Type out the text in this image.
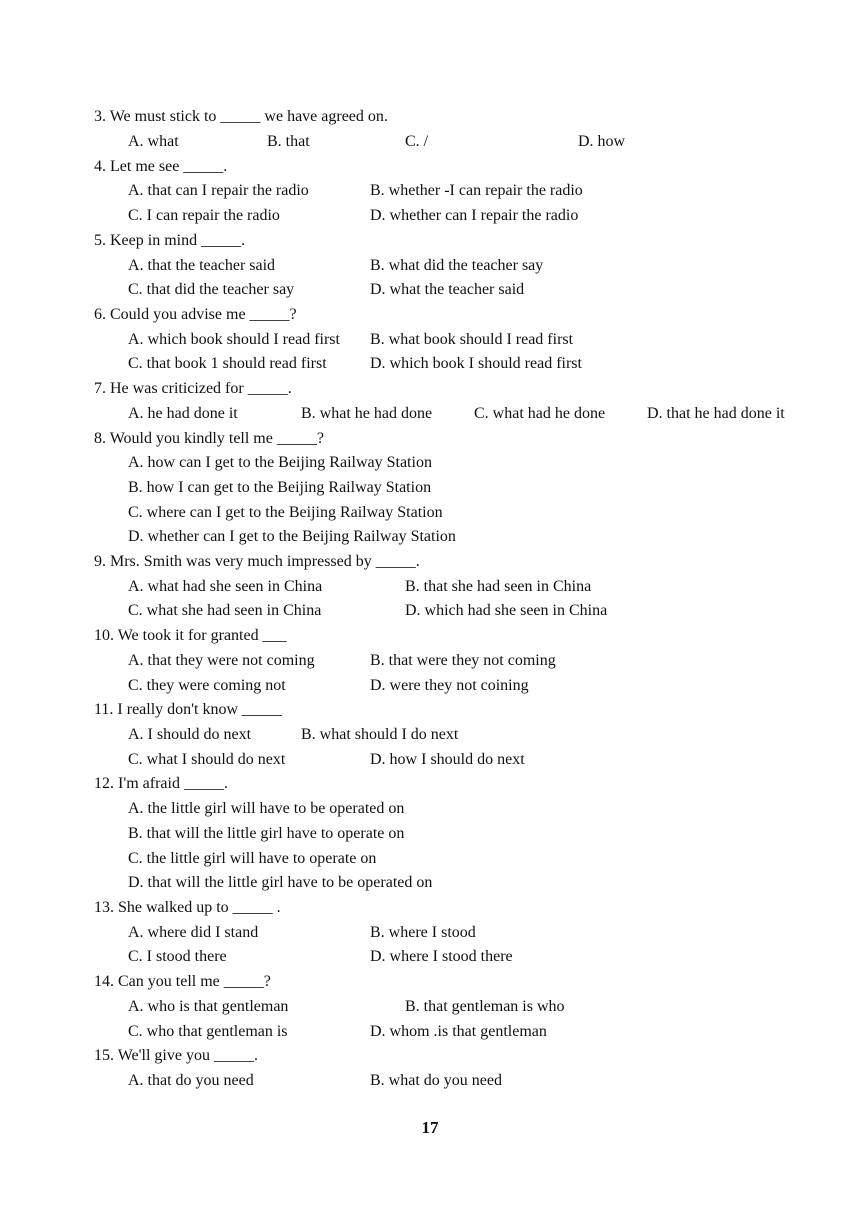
3. We must stick to _____ we have agreed on.
A. what	B. that	C. /	D. how
4. Let me see _____.
A. that can I repair the radio	B. whether -I can repair the radio
C. I can repair the radio	D. whether can I repair the radio
5. Keep in mind _____.
A. that the teacher said	B. what did the teacher say
C. that did the teacher say	D. what the teacher said
6. Could you advise me _____?
A. which book should I read first B. what book should I read first
C. that book 1 should read first	D. which book I should read first
7. He was criticized for _____.
A. he had done it	B. what he had done	C. what had he done	D. that he had done it
8. Would you kindly tell me _____?
A. how can I get to the Beijing Railway Station
B. how I can get to the Beijing Railway Station
C. where can I get to the Beijing Railway Station
D. whether can I get to the Beijing Railway Station
9. Mrs. Smith was very much impressed by _____.
A. what had she seen in China	B. that she had seen in China
C. what she had seen in China	D. which had she seen in China
10. We took it for granted ___
A. that they were not coming	B. that were they not coming
C. they were coming not	D. were they not coining
11. I really don't know _____
A. I should do next	B. what should I do next
C. what I should do next	D. how I should do next
12. I'm afraid _____.
A. the little girl will have to be operated on
B. that will the little girl have to operate on
C. the little girl will have to operate on
D. that will the little girl have to be operated on
13. She walked up to _____ .
A. where did I stand	B. where I stood
C. I stood there	D. where I stood there
14. Can you tell me _____?
A. who is that gentleman	B. that gentleman is who
C. who that gentleman is	D. whom .is that gentleman
15. We'll give you _____.
A. that do you need	B. what do you need
17
